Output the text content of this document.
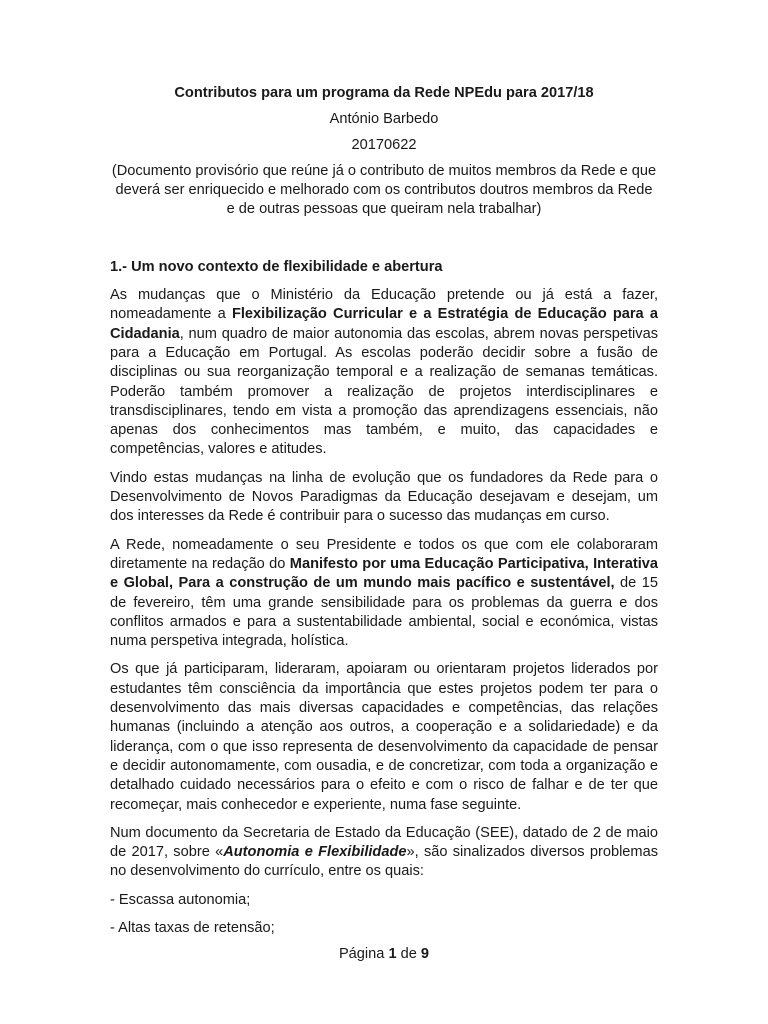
Contributos para um programa da Rede NPEdu para 2017/18
António Barbedo
20170622
(Documento provisório que reúne já o contributo de muitos membros da Rede e que deverá ser enriquecido e melhorado com os contributos doutros membros da Rede e de outras pessoas que queiram nela trabalhar)
1.- Um novo contexto de flexibilidade e abertura

As mudanças que o Ministério da Educação pretende ou já está a fazer, nomeadamente a Flexibilização Curricular e a Estratégia de Educação para a Cidadania, num quadro de maior autonomia das escolas, abrem novas perspetivas para a Educação em Portugal. As escolas poderão decidir sobre a fusão de disciplinas ou sua reorganização temporal e a realização de semanas temáticas. Poderão também promover a realização de projetos interdisciplinares e transdisciplinares, tendo em vista a promoção das aprendizagens essenciais, não apenas dos conhecimentos mas também, e muito, das capacidades e competências, valores e atitudes.

Vindo estas mudanças na linha de evolução que os fundadores da Rede para o Desenvolvimento de Novos Paradigmas da Educação desejavam e desejam, um dos interesses da Rede é contribuir para o sucesso das mudanças em curso.

A Rede, nomeadamente o seu Presidente e todos os que com ele colaboraram diretamente na redação do Manifesto por uma Educação Participativa, Interativa e Global, Para a construção de um mundo mais pacífico e sustentável, de 15 de fevereiro, têm uma grande sensibilidade para os problemas da guerra e dos conflitos armados e para a sustentabilidade ambiental, social e económica, vistas numa perspetiva integrada, holística.

Os que já participaram, lideraram, apoiaram ou orientaram projetos liderados por estudantes têm consciência da importância que estes projetos podem ter para o desenvolvimento das mais diversas capacidades e competências, das relações humanas (incluindo a atenção aos outros, a cooperação e a solidariedade) e da liderança, com o que isso representa de desenvolvimento da capacidade de pensar e decidir autonomamente, com ousadia, e de concretizar, com toda a organização e detalhado cuidado necessários para o efeito e com o risco de falhar e de ter que recomeçar, mais conhecedor e experiente, numa fase seguinte.

Num documento da Secretaria de Estado da Educação (SEE), datado de 2 de maio de 2017, sobre «Autonomia e Flexibilidade», são sinalizados diversos problemas no desenvolvimento do currículo, entre os quais:

- Escassa autonomia;

- Altas taxas de retensão;

Página 1 de 9
